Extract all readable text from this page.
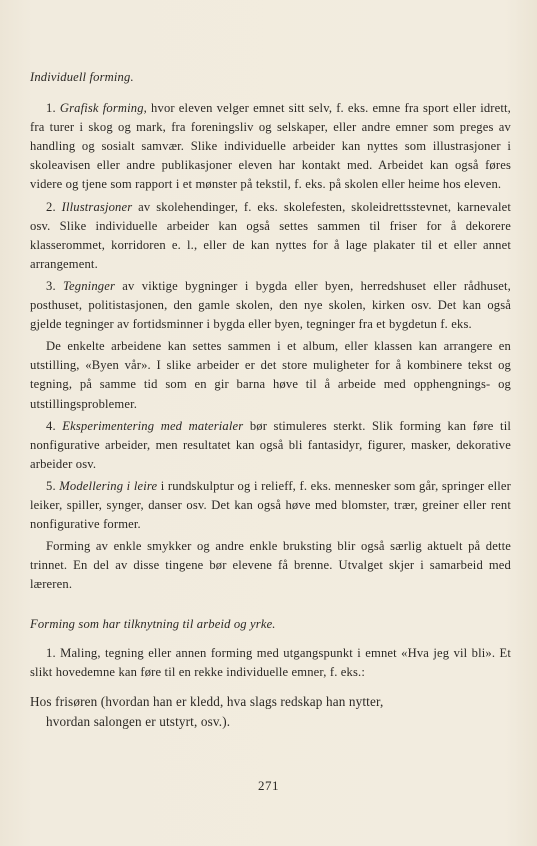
Individuell forming.

1. Grafisk forming, hvor eleven velger emnet sitt selv, f. eks. emne fra sport eller idrett, fra turer i skog og mark, fra foreningsliv og selskaper, eller andre emner som preges av handling og sosialt samvær. Slike individuelle arbeider kan nyttes som illustrasjoner i skoleavisen eller andre publikasjoner eleven har kontakt med. Arbeidet kan også føres videre og tjene som rapport i et mønster på tekstil, f. eks. på skolen eller heime hos eleven.

2. Illustrasjoner av skolehendinger, f. eks. skolefesten, skoleidrettsstevnet, karnevalet osv. Slike individuelle arbeider kan også settes sammen til friser for å dekorere klasserommet, korridoren e. l., eller de kan nyttes for å lage plakater til et eller annet arrangement.

3. Tegninger av viktige bygninger i bygda eller byen, herredshuset eller rådhuset, posthuset, politistasjonen, den gamle skolen, den nye skolen, kirken osv. Det kan også gjelde tegninger av fortidsminner i bygda eller byen, tegninger fra et bygdetun f. eks.

De enkelte arbeidene kan settes sammen i et album, eller klassen kan arrangere en utstilling, «Byen vår». I slike arbeider er det store muligheter for å kombinere tekst og tegning, på samme tid som en gir barna høve til å arbeide med opphengnings- og utstillingsproblemer.

4. Eksperimentering med materialer bør stimuleres sterkt. Slik forming kan føre til nonfigurative arbeider, men resultatet kan også bli fantasidyr, figurer, masker, dekorative arbeider osv.

5. Modellering i leire i rundskulptur og i relieff, f. eks. mennesker som går, springer eller leiker, spiller, synger, danser osv. Det kan også høve med blomster, trær, greiner eller rent nonfigurative former.

Forming av enkle smykker og andre enkle bruksting blir også særlig aktuelt på dette trinnet. En del av disse tingene bør elevene få brenne. Utvalget skjer i samarbeid med læreren.

Forming som har tilknytning til arbeid og yrke.

1. Maling, tegning eller annen forming med utgangspunkt i emnet «Hva jeg vil bli». Et slikt hovedemne kan føre til en rekke individuelle emner, f. eks.:

Hos frisøren (hvordan han er kledd, hva slags redskap han nytter,
hvordan salongen er utstyrt, osv.).

271
